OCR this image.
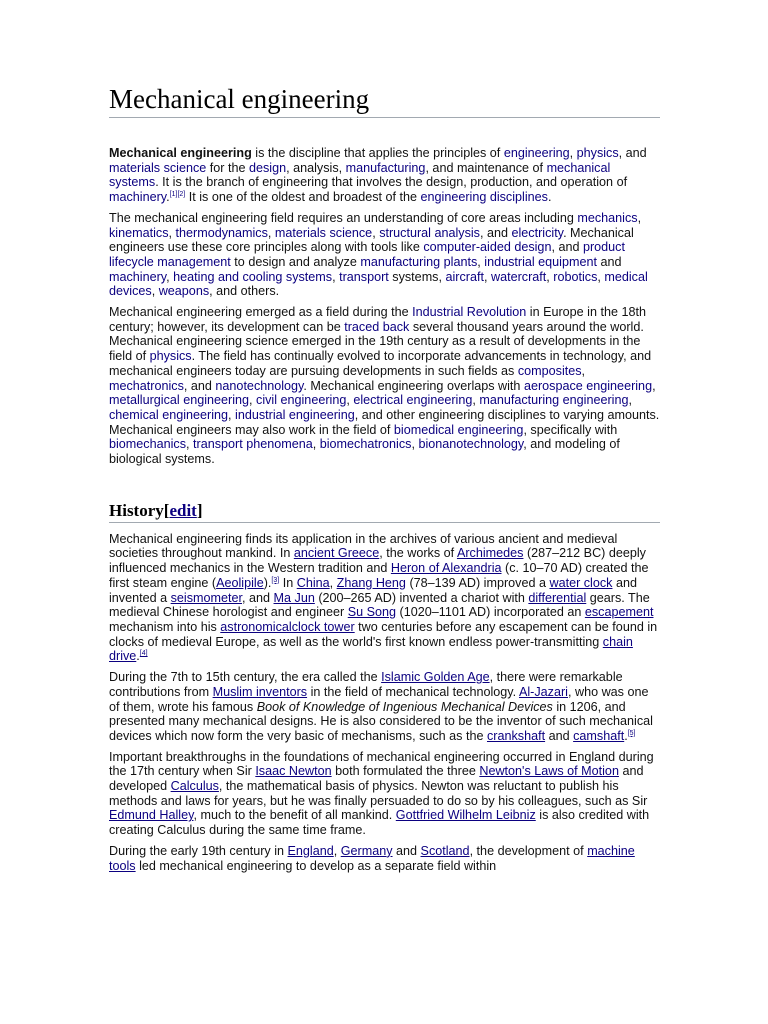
Mechanical engineering

Mechanical engineering is the discipline that applies the principles of engineering, physics, and materials science for the design, analysis, manufacturing, and maintenance of mechanical systems. It is the branch of engineering that involves the design, production, and operation of machinery.[1][2] It is one of the oldest and broadest of the engineering disciplines.

The mechanical engineering field requires an understanding of core areas including mechanics, kinematics, thermodynamics, materials science, structural analysis, and electricity. Mechanical engineers use these core principles along with tools like computer-aided design, and product lifecycle management to design and analyze manufacturing plants, industrial equipment and machinery, heating and cooling systems, transport systems, aircraft, watercraft, robotics, medical devices, weapons, and others.

Mechanical engineering emerged as a field during the Industrial Revolution in Europe in the 18th century; however, its development can be traced back several thousand years around the world. Mechanical engineering science emerged in the 19th century as a result of developments in the field of physics. The field has continually evolved to incorporate advancements in technology, and mechanical engineers today are pursuing developments in such fields as composites, mechatronics, and nanotechnology. Mechanical engineering overlaps with aerospace engineering, metallurgical engineering, civil engineering, electrical engineering, manufacturing engineering, chemical engineering, industrial engineering, and other engineering disciplines to varying amounts. Mechanical engineers may also work in the field of biomedical engineering, specifically with biomechanics, transport phenomena, biomechatronics, bionanotechnology, and modeling of biological systems.

History[edit]

Mechanical engineering finds its application in the archives of various ancient and medieval societies throughout mankind. In ancient Greece, the works of Archimedes (287–212 BC) deeply influenced mechanics in the Western tradition and Heron of Alexandria (c. 10–70 AD) created the first steam engine (Aeolipile).[3] In China, Zhang Heng (78–139 AD) improved a water clock and invented a seismometer, and Ma Jun (200–265 AD) invented a chariot with differential gears. The medieval Chinese horologist and engineer Su Song (1020–1101 AD) incorporated an escapement mechanism into his astronomicalclock tower two centuries before any escapement can be found in clocks of medieval Europe, as well as the world's first known endless power-transmitting chain drive.[4]

During the 7th to 15th century, the era called the Islamic Golden Age, there were remarkable contributions from Muslim inventors in the field of mechanical technology. Al-Jazari, who was one of them, wrote his famous Book of Knowledge of Ingenious Mechanical Devices in 1206, and presented many mechanical designs. He is also considered to be the inventor of such mechanical devices which now form the very basic of mechanisms, such as the crankshaft and camshaft.[5]

Important breakthroughs in the foundations of mechanical engineering occurred in England during the 17th century when Sir Isaac Newton both formulated the three Newton's Laws of Motion and developed Calculus, the mathematical basis of physics. Newton was reluctant to publish his methods and laws for years, but he was finally persuaded to do so by his colleagues, such as Sir Edmund Halley, much to the benefit of all mankind. Gottfried Wilhelm Leibniz is also credited with creating Calculus during the same time frame.

During the early 19th century in England, Germany and Scotland, the development of machine tools led mechanical engineering to develop as a separate field within
